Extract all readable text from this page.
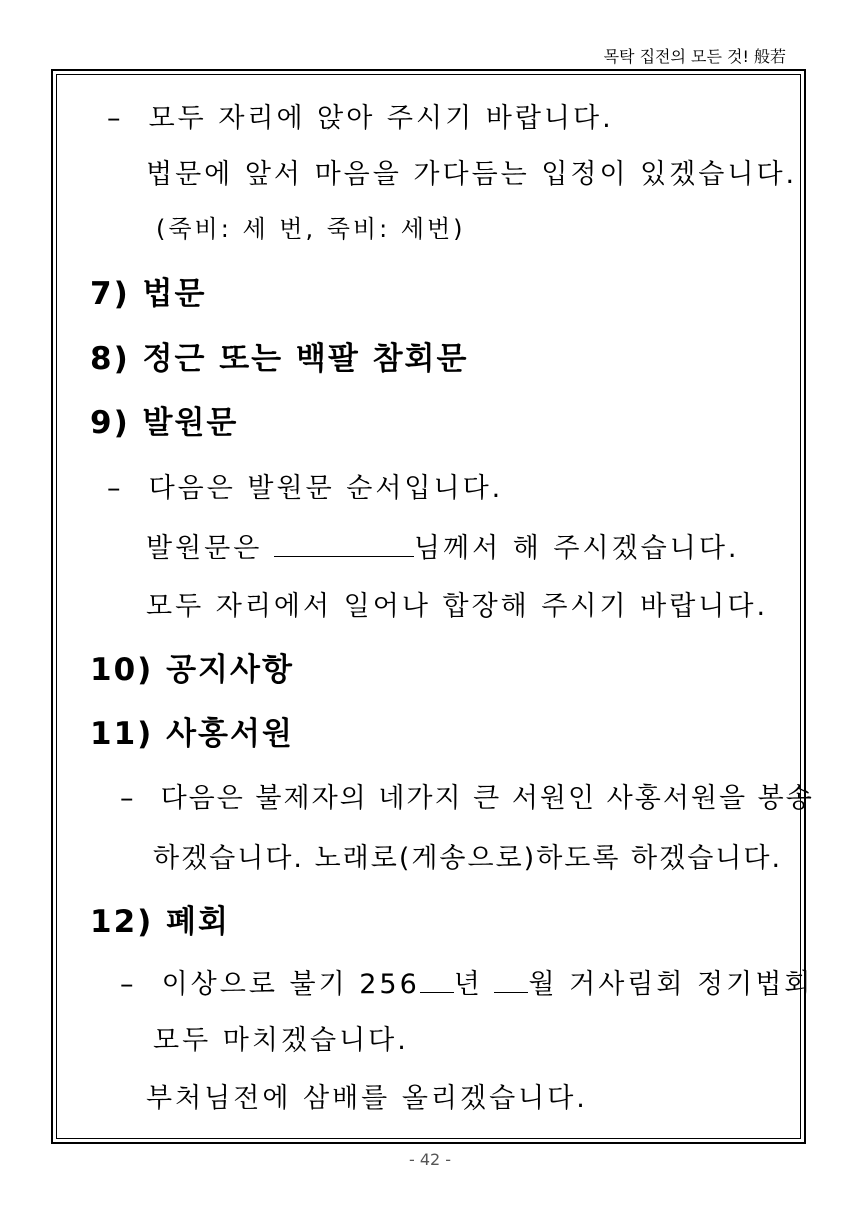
목탁 집전의 모든 것! 般若
– 모두 자리에 앉아 주시기 바랍니다.
법문에 앞서 마음을 가다듬는 입정이 있겠습니다.
(죽비: 세 번, 죽비: 세번)
7) 법문
8) 정근 또는 백팔 참회문
9) 발원문
– 다음은 발원문 순서입니다.
발원문은	님께서 해 주시겠습니다.
모두 자리에서 일어나 합장해 주시기 바랍니다.
10) 공지사항
11) 사홍서원
– 다음은 불제자의 네가지 큰 서원인 사홍서원을 봉송
하겠습니다. 노래로(게송으로)하도록 하겠습니다.
12) 폐회
– 이상으로 불기 256 년 월 거사림회 정기법회
모두 마치겠습니다.
부처님전에 삼배를 올리겠습니다.
- 42 -
